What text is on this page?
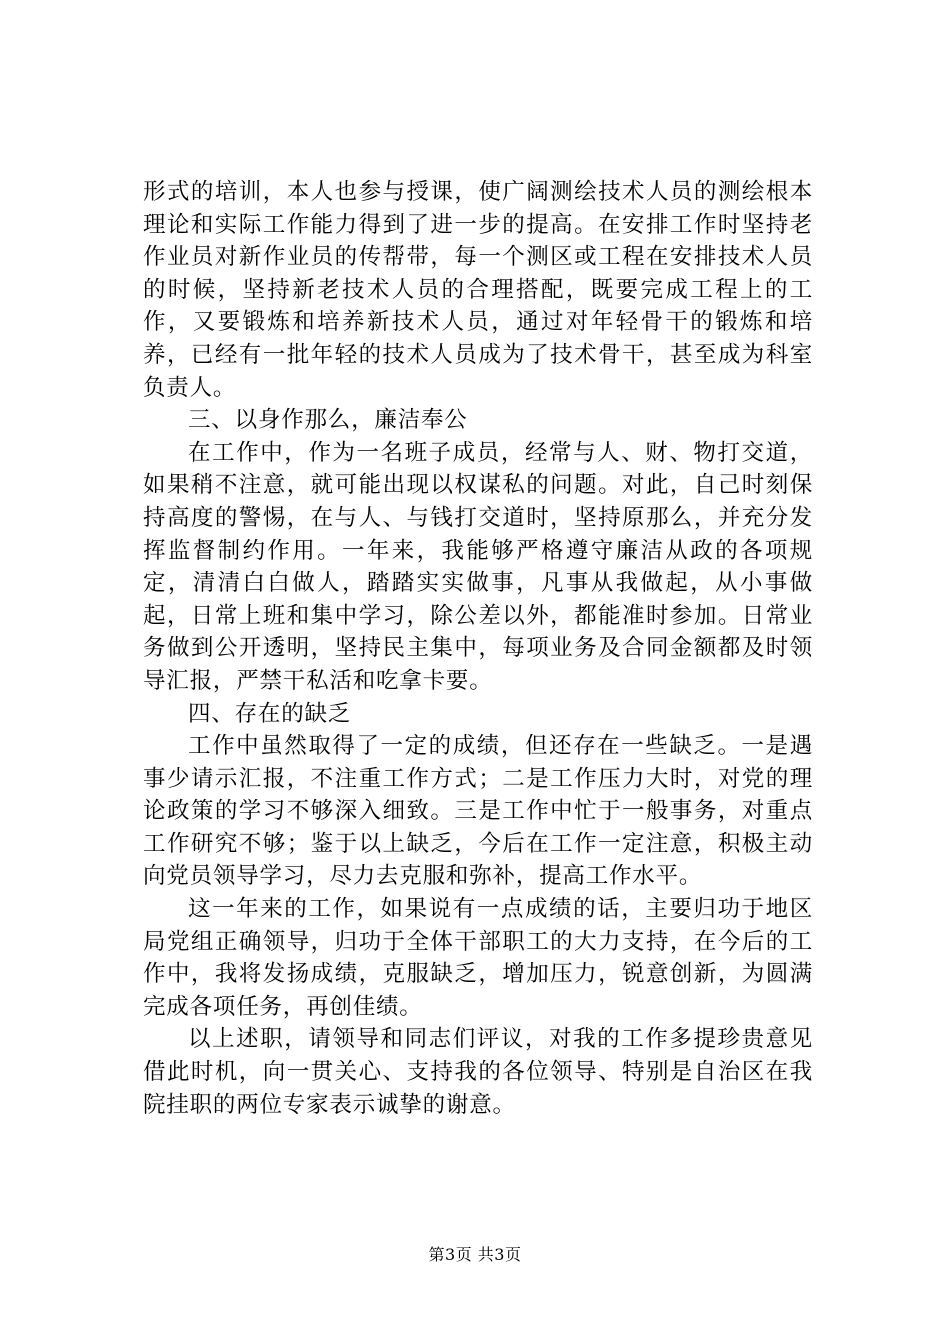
形式的培训，本人也参与授课，使广阔测绘技术人员的测绘根本理论和实际工作能力得到了进一步的提高。在安排工作时坚持老作业员对新作业员的传帮带，每一个测区或工程在安排技术人员的时候，坚持新老技术人员的合理搭配，既要完成工程上的工作，又要锻炼和培养新技术人员，通过对年轻骨干的锻炼和培养，已经有一批年轻的技术人员成为了技术骨干，甚至成为科室负责人。

三、以身作那么，廉洁奉公

在工作中，作为一名班子成员，经常与人、财、物打交道，如果稍不注意，就可能出现以权谋私的问题。对此，自己时刻保持高度的警惕，在与人、与钱打交道时，坚持原那么，并充分发挥监督制约作用。一年来，我能够严格遵守廉洁从政的各项规定，清清白白做人，踏踏实实做事，凡事从我做起，从小事做起，日常上班和集中学习，除公差以外，都能准时参加。日常业务做到公开透明，坚持民主集中，每项业务及合同金额都及时领导汇报，严禁干私活和吃拿卡要。

四、存在的缺乏

工作中虽然取得了一定的成绩，但还存在一些缺乏。一是遇事少请示汇报，不注重工作方式；二是工作压力大时，对党的理论政策的学习不够深入细致。三是工作中忙于一般事务，对重点工作研究不够；鉴于以上缺乏，今后在工作一定注意，积极主动向党员领导学习，尽力去克服和弥补，提高工作水平。

这一年来的工作，如果说有一点成绩的话，主要归功于地区局党组正确领导，归功于全体干部职工的大力支持，在今后的工作中，我将发扬成绩，克服缺乏，增加压力，锐意创新，为圆满完成各项任务，再创佳绩。

以上述职，请领导和同志们评议，对我的工作多提珍贵意见借此时机，向一贯关心、支持我的各位领导、特别是自治区在我院挂职的两位专家表示诚挚的谢意。

第3页 共3页
